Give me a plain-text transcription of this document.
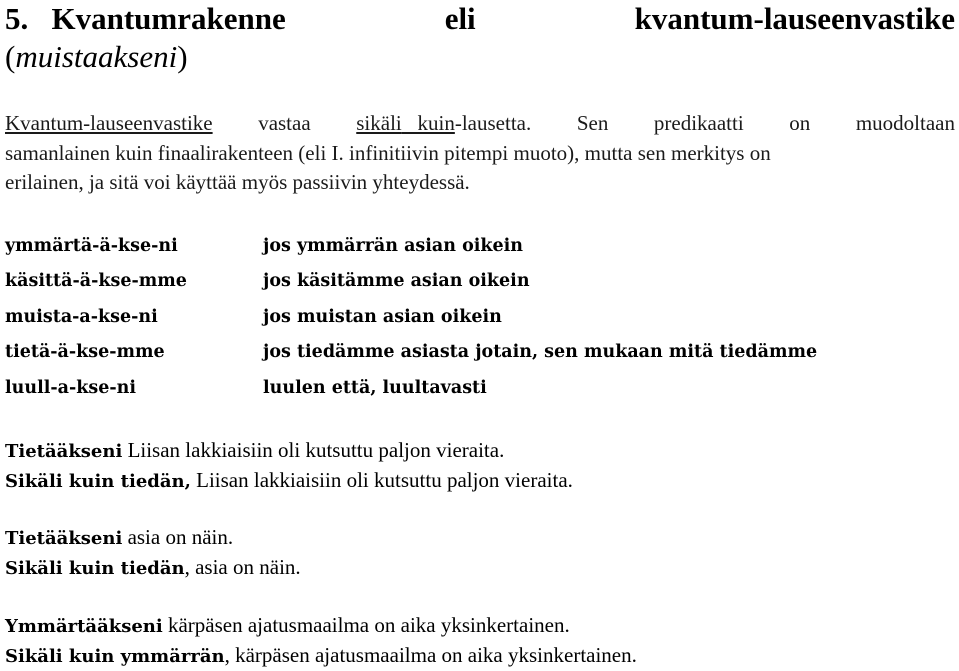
5. Kvantumrakenne	eli	kvantum-lauseenvastike
(muistaakseni)
Kvantum-lauseenvastike vastaa sikäli kuin-lausetta. Sen predikaatti on muodoltaan
samanlainen kuin finaalirakenteen (eli I. infinitiivin pitempi muoto), mutta sen merkitys on
erilainen, ja sitä voi käyttää myös passiivin yhteydessä.
ymmärtä-ä-kse-ni	jos ymmärrän asian oikein
käsittä-ä-kse-mme	jos käsitämme asian oikein
muista-a-kse-ni	jos muistan asian oikein
tietä-ä-kse-mme	jos tiedämme asiasta jotain, sen mukaan mitä tiedämme
luull-a-kse-ni	luulen että, luultavasti
Tietääkseni Liisan lakkiaisiin oli kutsuttu paljon vieraita.
Sikäli kuin tiedän, Liisan lakkiaisiin oli kutsuttu paljon vieraita.
Tietääkseni asia on näin.
Sikäli kuin tiedän, asia on näin.
Ymmärtääkseni kärpäsen ajatusmaailma on aika yksinkertainen.
Sikäli kuin ymmärrän, kärpäsen ajatusmaailma on aika yksinkertainen.
